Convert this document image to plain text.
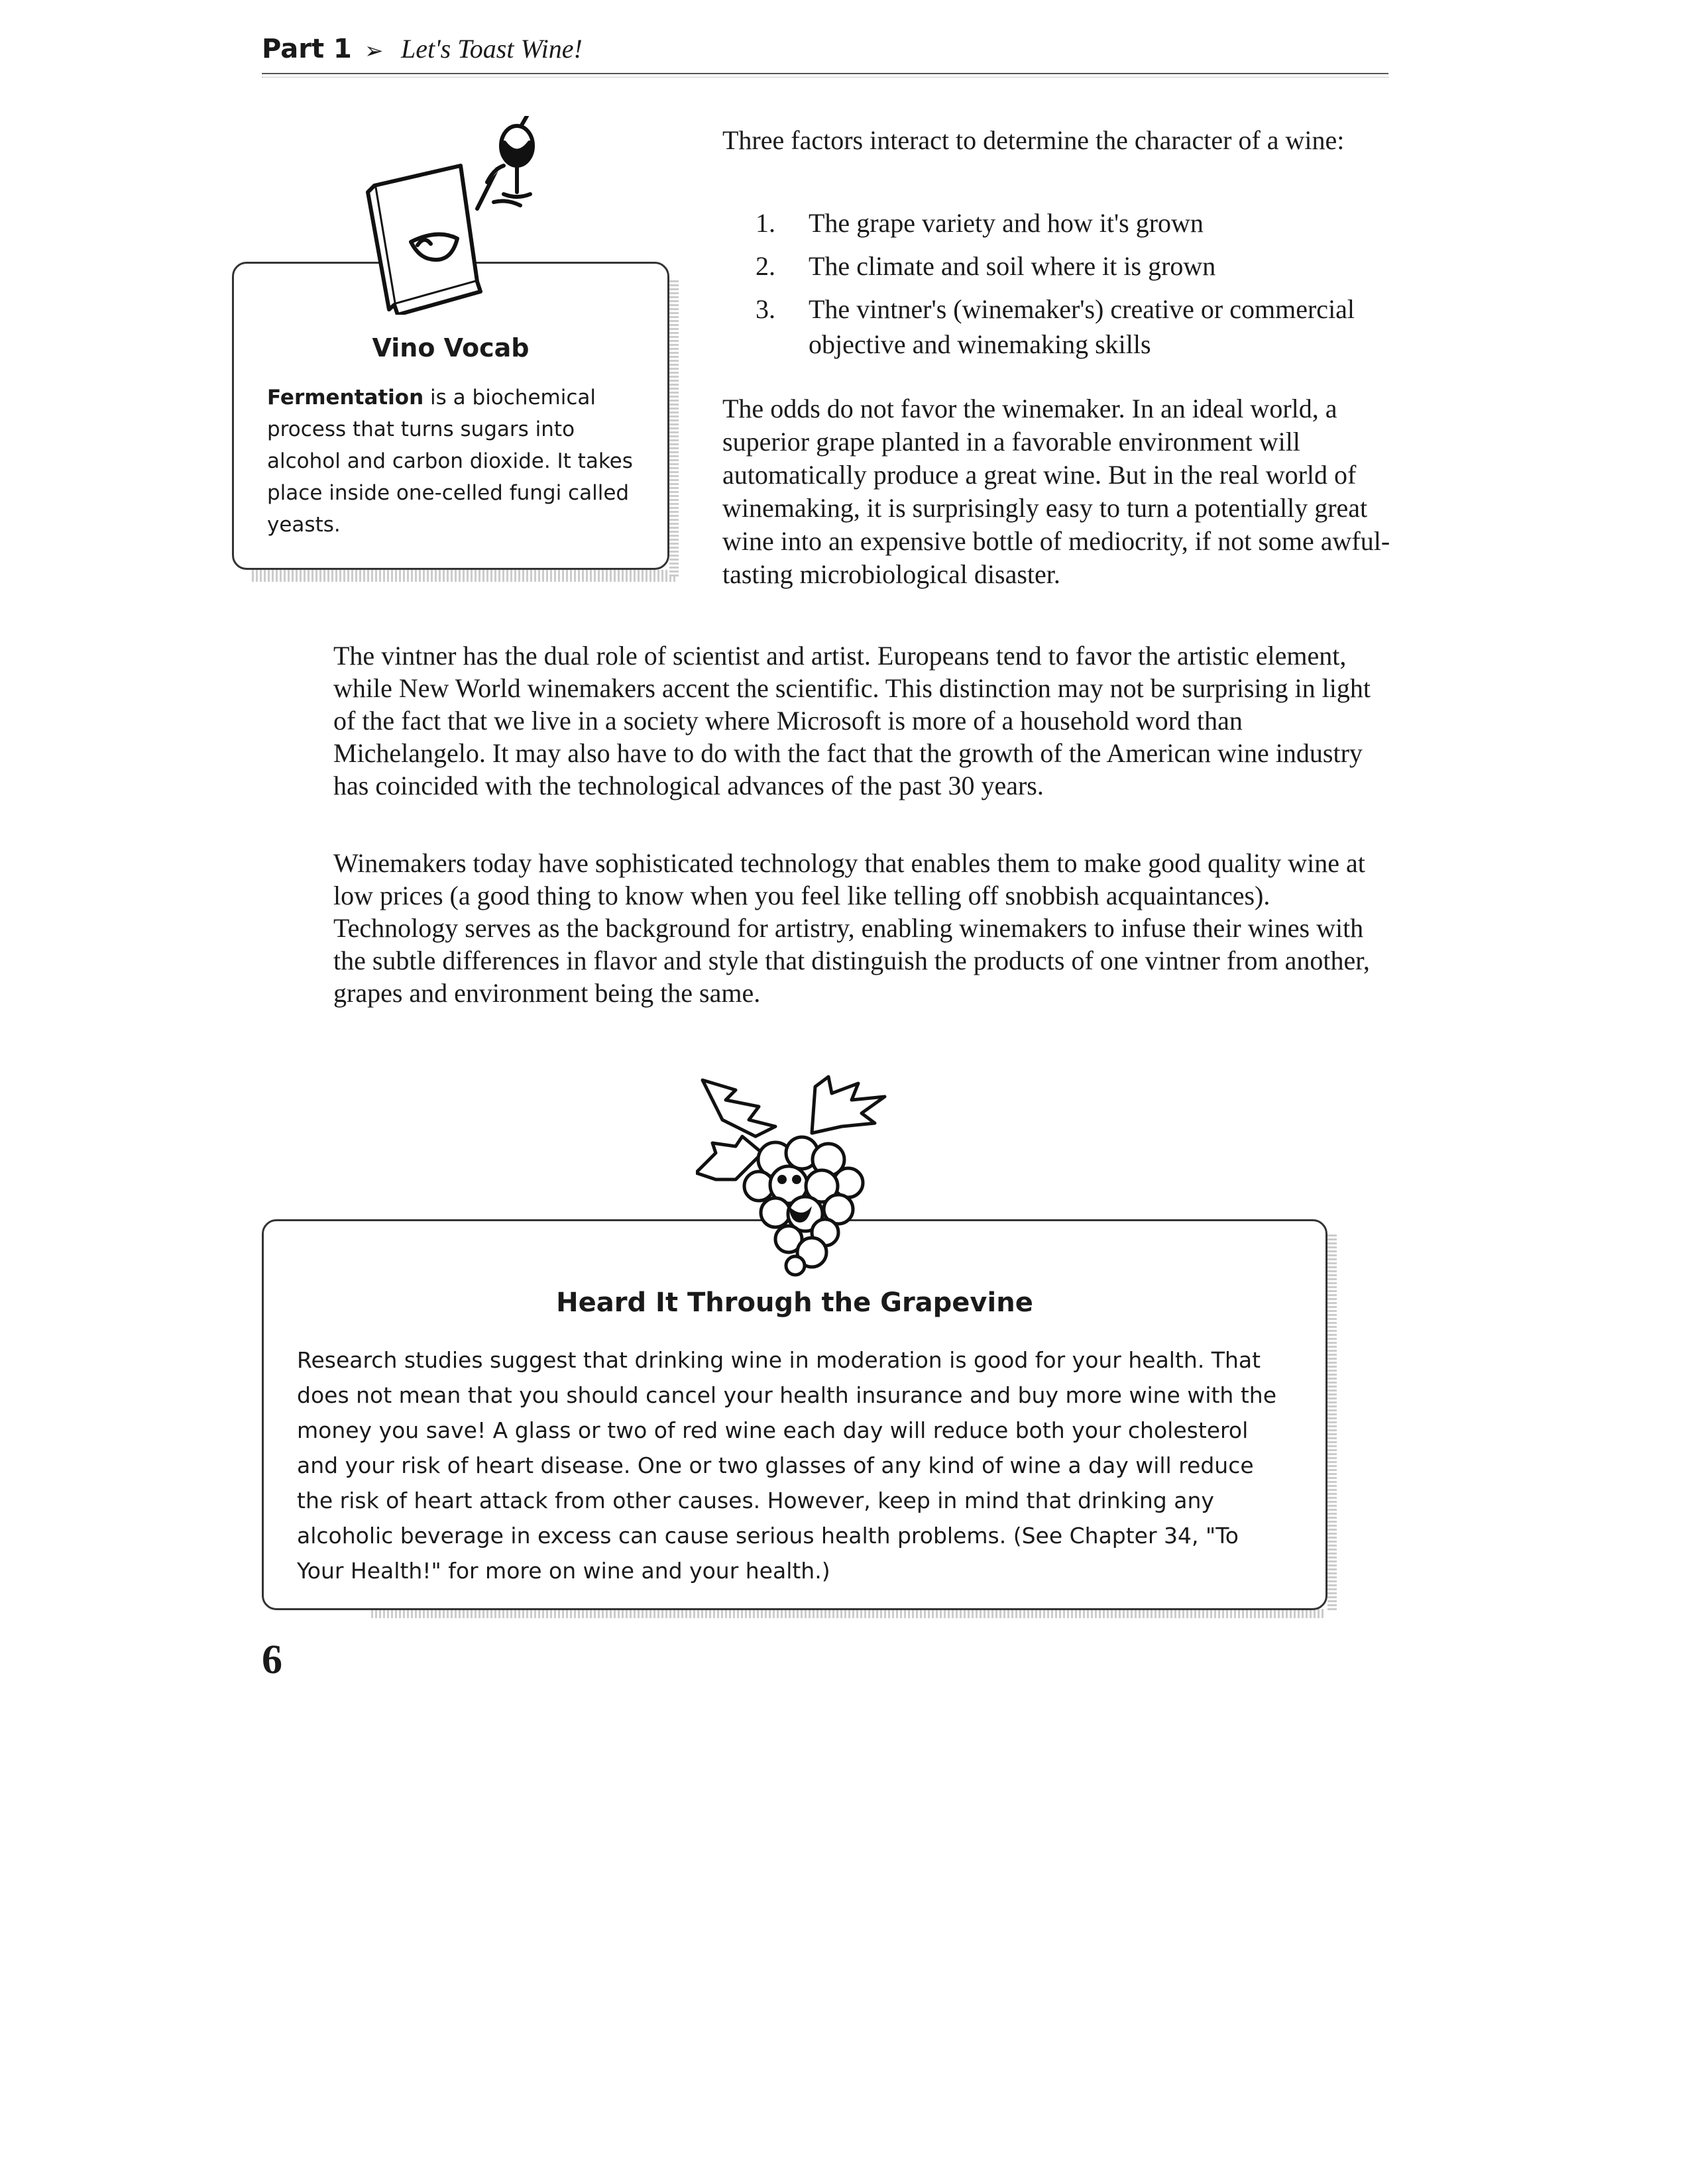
Part 1 ➢ Let's Toast Wine!
Vino Vocab
Fermentation is a biochemical process that turns sugars into alcohol and carbon dioxide. It takes place inside one-celled fungi called yeasts.
Three factors interact to determine the character of a wine:
1. The grape variety and how it's grown
2. The climate and soil where it is grown
3. The vintner's (winemaker's) creative or commercial objective and winemaking skills
The odds do not favor the winemaker. In an ideal world, a superior grape planted in a favorable environment will automatically produce a great wine. But in the real world of winemaking, it is surprisingly easy to turn a potentially great wine into an expensive bottle of mediocrity, if not some awful-tasting microbiological disaster.
The vintner has the dual role of scientist and artist. Europeans tend to favor the artistic element, while New World winemakers accent the scientific. This distinction may not be surprising in light of the fact that we live in a society where Microsoft is more of a household word than Michelangelo. It may also have to do with the fact that the growth of the American wine industry has coincided with the technological advances of the past 30 years.
Winemakers today have sophisticated technology that enables them to make good quality wine at low prices (a good thing to know when you feel like telling off snobbish acquaintances). Technology serves as the background for artistry, enabling winemakers to infuse their wines with the subtle differences in flavor and style that distinguish the products of one vintner from another, grapes and environment being the same.
Heard It Through the Grapevine
Research studies suggest that drinking wine in moderation is good for your health. That does not mean that you should cancel your health insurance and buy more wine with the money you save! A glass or two of red wine each day will reduce both your cholesterol and your risk of heart disease. One or two glasses of any kind of wine a day will reduce the risk of heart attack from other causes. However, keep in mind that drinking any alcoholic beverage in excess can cause serious health problems. (See Chapter 34, "To Your Health!" for more on wine and your health.)
6
